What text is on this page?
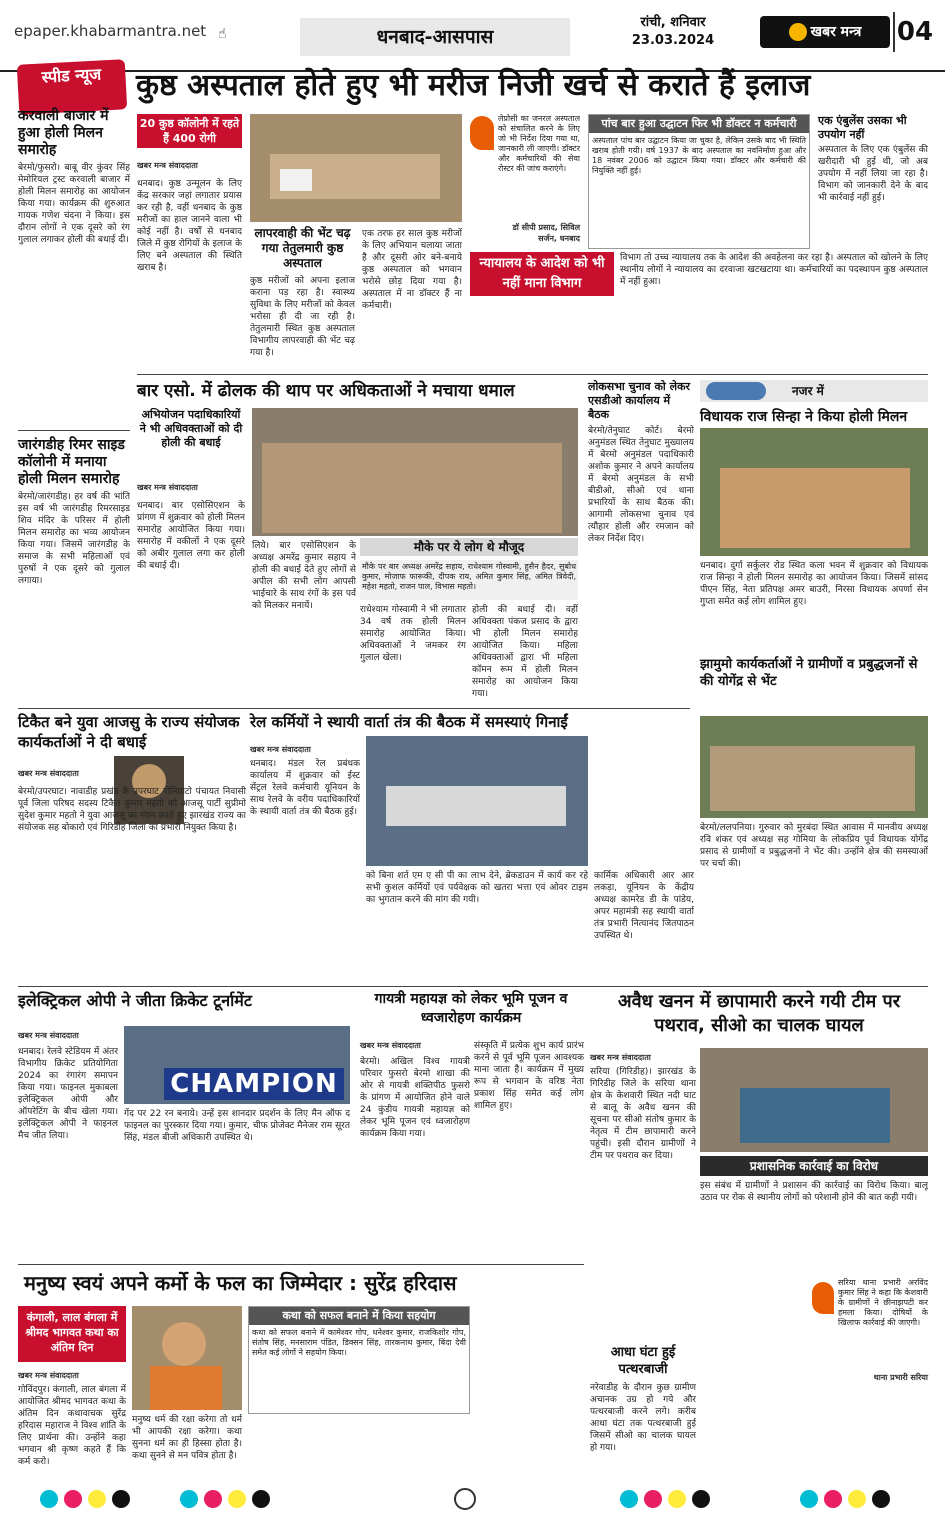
epaper.khabarmantra.net ☝	धनबाद-आसपास
रांची, शनिवार
23.03.2024
खबर मन्त्र	04
स्पीड न्यूज	कुष्ठ अस्पताल होते हुए भी मरीज निजी खर्च से कराते हैं इलाज
करवाली बाजार में हुआ होली मिलन समारोह
बेरमो/फुसरो। बाबू वीर कुंवर सिंह मेमोरियल ट्रस्ट करवाली बाजार में होली मिलन समारोह का आयोजन किया गया। कार्यक्रम की शुरुआत गायक गणेश चंदना ने किया। इस दौरान लोगों ने एक दूसरे को रंग गुलाल लगाकर होली की बधाई दी।
जारंगडीह रिमर साइड कॉलोनी में मनाया होली मिलन समारोह
बेरमो/जारंगडीह। हर वर्ष की भांति इस वर्ष भी जारंगडीह रिमरसाइड शिव मंदिर के परिसर में होली मिलन समारोह का भव्य आयोजन किया गया। जिसमें जारंगडीह के समाज के सभी महिलाओं एवं पुरुषों ने एक दूसरे को गुलाल लगाया।
20 कुष्ठ कॉलोनी में रहते हैं 400 रोगी
खबर मन्त्र संवाददाता
धनबाद। कुष्ठ उन्मूलन के लिए केंद्र सरकार जहां लगातार प्रयास कर रही है, वहीं धनबाद के कुष्ठ मरीजों का हाल जानने वाला भी कोई नहीं है। वर्षों से धनबाद जिले में कुष्ठ रोगियों के इलाज के लिए बने अस्पताल की स्थिति खराब है।
लापरवाही की भेंट चढ़ गया तेतुलमारी कुष्ठ अस्पताल
कुष्ठ मरीजों को अपना इलाज कराना पड़ रहा है। स्वास्थ्य सुविधा के लिए मरीजों को केवल भरोसा ही दी जा रही है। तेतुलमारी स्थित कुष्ठ अस्पताल विभागीय लापरवाही की भेंट चढ़ गया है।
एक तरफ हर साल कुष्ठ मरीजों के लिए अभियान चलाया जाता है और दूसरी ओर बने-बनाये कुष्ठ अस्पताल को भगवान भरोसे छोड़ दिया गया है। अस्पताल में ना डॉक्टर हैं ना कर्मचारी।
लेप्रोसी का जनरल अस्पताल को संचालित करने के लिए जो भी निर्देश दिया गया था, जानकारी ली जाएगी। डॉक्टर और कर्मचारियों की सेवा रोस्टर की जांच कराएंगे।
डॉ सीपी प्रसाद, सिविल सर्जन, धनबाद
पांच बार हुआ उद्घाटन फिर भी डॉक्टर न कर्मचारी
अस्पताल पांच बार उद्घाटन किया जा चुका है, लेकिन उसके बाद भी स्थिति खराब होती गयी। वर्ष 1937 के बाद अस्पताल का नवनिर्माण हुआ और 18 नवंबर 2006 को उद्घाटन किया गया। डॉक्टर और कर्मचारी की नियुक्ति नहीं हुई।
एक एंबुलेंस उसका भी उपयोग नहीं
अस्पताल के लिए एक एंबुलेंस की खरीदारी भी हुई थी, जो अब उपयोग में नहीं लिया जा रहा है। विभाग को जानकारी देने के बाद भी कार्रवाई नहीं हुई।
न्यायालय के आदेश को भी नहीं माना विभाग
विभाग तो उच्च न्यायालय तक के आदेश की अवहेलना कर रहा है। अस्पताल को खोलने के लिए स्थानीय लोगों ने न्यायालय का दरवाजा खटखटाया था। कर्मचारियों का पदस्थापन कुष्ठ अस्पताल में नहीं हुआ।
बार एसो. में ढोलक की थाप पर अधिकताओं ने मचाया धमाल
अभियोजन पदाधिकारियों ने भी अधिवक्ताओं को दी होली की बधाई
खबर मन्त्र संवाददाता
धनबाद। बार एसोसिएशन के प्रांगण में शुक्रवार को होली मिलन समारोह आयोजित किया गया। समारोह में वकीलों ने एक दूसरे को अबीर गुलाल लगा कर होली की बधाई दी।
मौके पर ये लोग थे मौजूद
लिये। बार एसोसिएशन के अध्यक्ष अमरेंद्र कुमार सहाय ने होली की बधाई देते हुए लोगों से अपील की सभी लोग आपसी भाईचारे के साथ रंगों के इस पर्व को मिलकर मनायें।
मौके पर बार अध्यक्ष अमरेंद्र सहाय, राधेश्याम गोस्वामी, हुसैन हैदर, सुबोध कुमार, मोजाफ फारूकी, दीपक राय, अमित कुमार सिंह, अमित त्रिवेदी, महेश महतो, राजन पाल, विभास महतो।
राधेश्याम गोस्वामी ने भी लगातार 34 वर्ष तक होली मिलन समारोह आयोजित किया। अधिवक्ताओं ने जमकर रंग गुलाल खेला।
होली की बधाई दी। वहीं अधिवक्ता पंकज प्रसाद के द्वारा भी होली मिलन समारोह आयोजित किया। महिला अधिवक्ताओं द्वारा भी महिला कॉमन रूम में होली मिलन समारोह का आयोजन किया गया।
लोकसभा चुनाव को लेकर एसडीओ कार्यालय में बैठक
बेरमो/तेनुघाट कोर्ट। बेरमो अनुमंडल स्थित तेनुघाट मुख्यालय में बेरमो अनुमंडल पदाधिकारी अशोक कुमार ने अपने कार्यालय में बेरमो अनुमंडल के सभी बीडीओ, सीओ एवं थाना प्रभारियों के साथ बैठक की। आगामी लोकसभा चुनाव एवं त्यौहार होली और रमजान को लेकर निर्देश दिए।
नजर में
विधायक राज सिन्हा ने किया होली मिलन
धनबाद। दुर्गा सर्कुलर रोड स्थित कला भवन में शुक्रवार को विधायक राज सिन्हा ने होली मिलन समारोह का आयोजन किया। जिसमें सांसद पीएन सिंह, नेता प्रतिपक्ष अमर बाउरी, निरसा विधायक अपर्णा सेन गुप्ता समेत कई लोग शामिल हुए।
झामुमो कार्यकर्ताओं ने ग्रामीणों व प्रबुद्धजनों से की योगेंद्र से भेंट
टिकैत बने युवा आजसु के राज्य संयोजक कार्यकर्ताओं ने दी बधाई
खबर मन्त्र संवाददाता
बेरमो/उपरघाट। नावाडीह प्रखंड के उपरघाट गोनियाटो पंचायत निवासी पूर्व जिला परिषद सदस्य टिकैत कुमार महतो को आजसू पार्टी सुप्रीमो सुदेश कुमार महतो ने युवा आजसू का गठन करते हुए झारखंड राज्य का संयोजक सह बोकारो एवं गिरिडीह जिला का प्रभारी नियुक्त किया है।
रेल कर्मियों ने स्थायी वार्ता तंत्र की बैठक में समस्याएं गिनाईं
खबर मन्त्र संवाददाता
धनबाद। मंडल रेल प्रबंधक कार्यालय में शुक्रवार को ईस्ट सेंट्रल रेलवे कर्मचारी यूनियन के साथ रेलवे के वरीय पदाधिकारियों के स्थायी वार्ता तंत्र की बैठक हुई।
को बिना शर्त एम ए सी पी का लाभ देने, ब्रेकडाउन में कार्य कर रहे सभी कुशल कर्मियों एवं पर्यवेक्षक को खतरा भत्ता एवं ओवर टाइम का भुगतान करने की मांग की गयी।
कार्मिक अधिकारी आर आर लकड़ा, यूनियन के केंद्रीय अध्यक्ष कामरेड डी के पांडेय, अपर महामंत्री सह स्थायी वार्ता तंत्र प्रभारी नित्यानंद जितपाठन उपस्थित थे।
बेरमो/ललपनिया। गुरुवार को मुरबंदा स्थित आवास में मानवीय अध्यक्ष रवि शंकर एवं अध्यक्ष सह गोमिया के लोकप्रिय पूर्व विधायक योगेंद्र प्रसाद से ग्रामीणों व प्रबुद्धजनों ने भेंट की। उन्होंने क्षेत्र की समस्याओं पर चर्चा की।
इलेक्ट्रिकल ओपी ने जीता क्रिकेट टूर्नामेंट
खबर मन्त्र संवाददाता
धनबाद। रेलवे स्टेडियम में अंतर विभागीय क्रिकेट प्रतियोगिता 2024 का रंगारंग समापन किया गया। फाइनल मुकाबला इलेक्ट्रिकल ओपी और ऑपरेटिंग के बीच खेला गया। इलेक्ट्रिकल ओपी ने फाइनल मैच जीत लिया।
CHAMPION
गेंद पर 22 रन बनाये। उन्हें इस शानदार प्रदर्शन के लिए मैन ऑफ द फाइनल का पुरस्कार दिया गया। कुमार, चीफ प्रोजेक्ट मैनेजर राम सूरत सिंह, मंडल बीजी अधिकारी उपस्थित थे।
गायत्री महायज्ञ को लेकर भूमि पूजन व ध्वजारोहण कार्यक्रम
खबर मन्त्र संवाददाता
बेरमो। अखिल विश्व गायत्री परिवार फुसरो बेरमो शाखा की ओर से गायत्री शक्तिपीठ फुसरो के प्रांगण में आयोजित होने वाले 24 कुंडीय गायत्री महायज्ञ को लेकर भूमि पूजन एवं ध्वजारोहण कार्यक्रम किया गया।
संस्कृति में प्रत्येक शुभ कार्य प्रारंभ करने से पूर्व भूमि पूजन आवश्यक माना जाता है। कार्यक्रम में मुख्य रूप से भगवान के वरिष्ठ नेता प्रकाश सिंह समेत कई लोग शामिल हुए।
अवैध खनन में छापामारी करने गयी टीम पर पथराव, सीओ का चालक घायल
खबर मन्त्र संवाददाता
सरिया (गिरिडीह)। झारखंड के गिरिडीह जिले के सरिया थाना क्षेत्र के केशवारी स्थित नदी घाट से बालू के अवैध खनन की सूचना पर सीओ संतोष कुमार के नेतृत्व में टीम छापामारी करने पहुंची। इसी दौरान ग्रामीणों ने टीम पर पथराव कर दिया।
प्रशासनिक कार्रवाई का विरोध
इस संबंध में ग्रामीणों ने प्रशासन की कार्रवाई का विरोध किया। बालू उठाव पर रोक से स्थानीय लोगों को परेशानी होने की बात कही गयी।
मनुष्य स्वयं अपने कर्मो के फल का जिम्मेदार : सुरेंद्र हरिदास
कंगाली, लाल बंगला में श्रीमद भागवत कथा का अंतिम दिन
खबर मन्त्र संवाददाता
गोविंदपुर। कंगाली, लाल बंगला में आयोजित श्रीमद भागवत कथा के अंतिम दिन कथावाचक सुरेंद्र हरिदास महाराज ने विश्व शांति के लिए प्रार्थना की। उन्होंने कहा भगवान श्री कृष्ण कहते हैं कि कर्म करो।
मनुष्य धर्म की रक्षा करेगा तो धर्म भी आपकी रक्षा करेगा। कथा सुनना धर्म का ही हिस्सा होता है। कथा सुनने से मन पवित्र होता है।
कथा को सफल बनाने में किया सहयोग
कथा को सफल बनाने में कामेश्वर गोप, धनेश्वर कुमार, राजकिशोर गोप, संतोष सिंह, मनसाराम पंडित, डिक्सन सिंह, तारकनाथ कुमार, बिंदा देवी समेत कई लोगों ने सहयोग किया।	आधा घंटा हुई पत्थरबाजी
नरेवाडीह के दौरान कुछ ग्रामीण अचानक उग्र हो गये और पत्थरबाजी करने लगे। करीब आधा घंटा तक पत्थरबाजी हुई जिसमें सीओ का चालक घायल हो गया।
सरिया थाना प्रभारी अरविंद कुमार सिंह ने कहा कि केशवारी के ग्रामीणों ने छीनाझपटी कर हमला किया। दोषियों के खिलाफ कार्रवाई की जाएगी।
थाना प्रभारी सरिया
